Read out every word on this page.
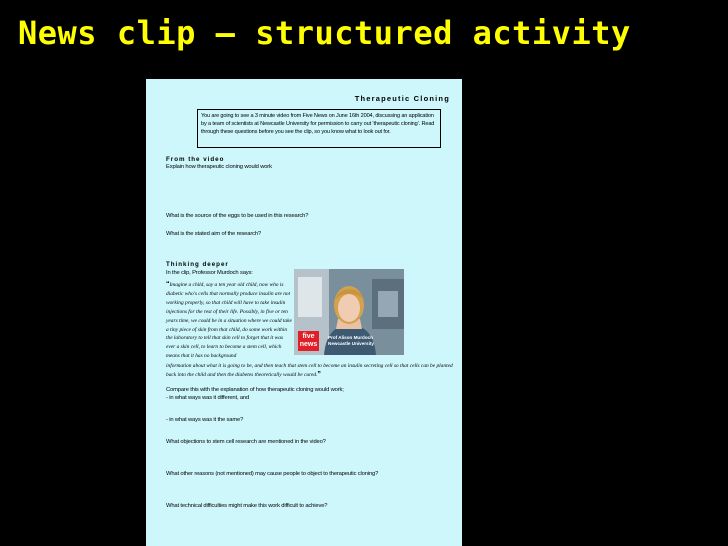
News clip – structured activity
Therapeutic Cloning
You are going to see a 3 minute video from Five News on June 16th 2004, discussing an application by a team of scientists at Newcastle University for permission to carry out ‘therapeutic cloning’. Read through these questions before you see the clip, so you know what to look out for.
From the video
Explain how therapeutic cloning would work
What is the source of the eggs to be used in this research?
What is the stated aim of the research?
Thinking deeper
In the clip, Professor Murdoch says:
“Imagine a child, say a ten year old child, now who is diabetic who's cells that normally produce insulin are not working properly, so that child will have to take insulin injections for the rest of their life. Possibly, in five or ten years time, we could be in a situation where we could take a tiny piece of skin from that child, do some work within the laboratory to tell that skin cell to forget that it was ever a skin cell, to learn to become a stem cell, which means that it has no background
information about what it is going to be, and then teach that stem cell to become an insulin secreting cell so that cells can be planted back into the child and then the diabetes theoretically would be cured.”
five
news
Prof Alison Murdoch
Newcastle University
Compare this with the explanation of how therapeutic cloning would work;
- in what ways was it different, and
- in what ways was it the same?
What objections to stem cell research are mentioned in the video?
What other reasons (not mentioned) may cause people to object to therapeutic cloning?
What technical difficulties might make this work difficult to achieve?
